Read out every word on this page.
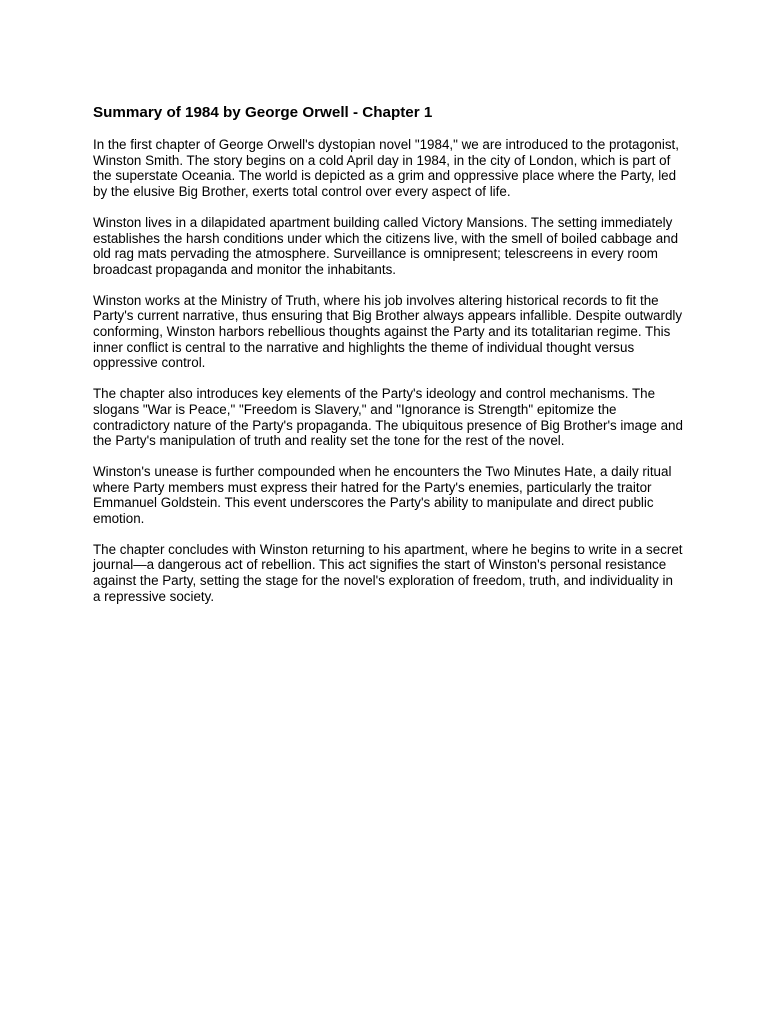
Summary of 1984 by George Orwell - Chapter 1

In the first chapter of George Orwell's dystopian novel "1984," we are introduced to the protagonist, Winston Smith. The story begins on a cold April day in 1984, in the city of London, which is part of the superstate Oceania. The world is depicted as a grim and oppressive place where the Party, led by the elusive Big Brother, exerts total control over every aspect of life.

Winston lives in a dilapidated apartment building called Victory Mansions. The setting immediately establishes the harsh conditions under which the citizens live, with the smell of boiled cabbage and old rag mats pervading the atmosphere. Surveillance is omnipresent; telescreens in every room broadcast propaganda and monitor the inhabitants.

Winston works at the Ministry of Truth, where his job involves altering historical records to fit the Party's current narrative, thus ensuring that Big Brother always appears infallible. Despite outwardly conforming, Winston harbors rebellious thoughts against the Party and its totalitarian regime. This inner conflict is central to the narrative and highlights the theme of individual thought versus oppressive control.

The chapter also introduces key elements of the Party's ideology and control mechanisms. The slogans "War is Peace," "Freedom is Slavery," and "Ignorance is Strength" epitomize the contradictory nature of the Party's propaganda. The ubiquitous presence of Big Brother's image and the Party's manipulation of truth and reality set the tone for the rest of the novel.

Winston's unease is further compounded when he encounters the Two Minutes Hate, a daily ritual where Party members must express their hatred for the Party's enemies, particularly the traitor Emmanuel Goldstein. This event underscores the Party's ability to manipulate and direct public emotion.

The chapter concludes with Winston returning to his apartment, where he begins to write in a secret journal—a dangerous act of rebellion. This act signifies the start of Winston's personal resistance against the Party, setting the stage for the novel's exploration of freedom, truth, and individuality in a repressive society.
